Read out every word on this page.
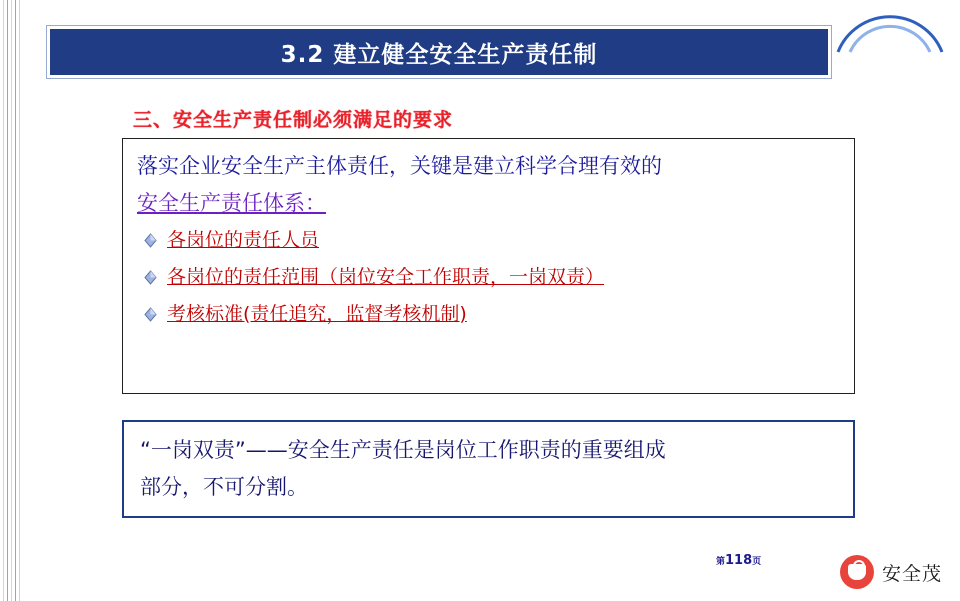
3.2 建立健全安全生产责任制
三、安全生产责任制必须满足的要求
落实企业安全生产主体责任，关键是建立科学合理有效的
安全生产责任体系：
各岗位的责任人员
各岗位的责任范围（岗位安全工作职责，一岗双责）
考核标准(责任追究，监督考核机制)
“一岗双责”——安全生产责任是岗位工作职责的重要组成
部分，不可分割。
第118页
安全茂
